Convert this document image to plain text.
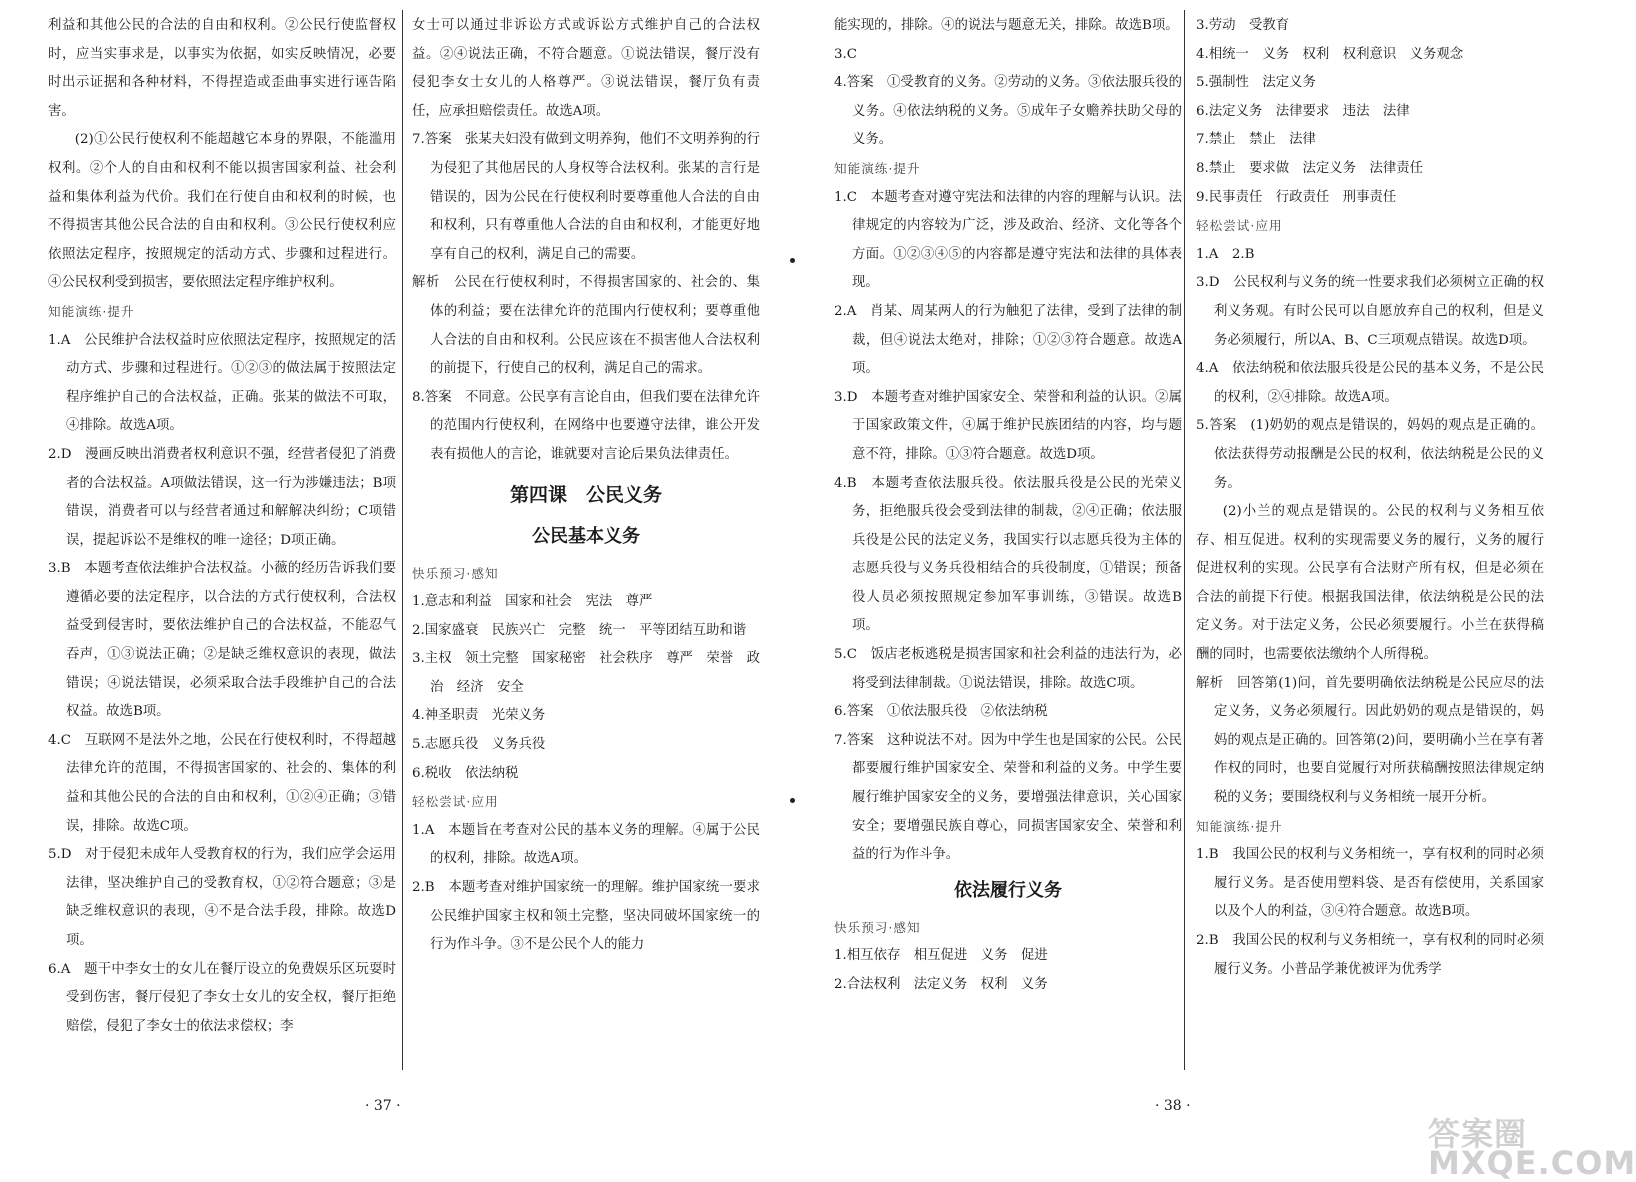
利益和其他公民的合法的自由和权利。②公民行使监督权时，应当实事求是，以事实为依据，如实反映情况，必要时出示证据和各种材料，不得捏造或歪曲事实进行诬告陷害。

(2)①公民行使权利不能超越它本身的界限，不能滥用权利。②个人的自由和权利不能以损害国家利益、社会利益和集体利益为代价。我们在行使自由和权利的时候，也不得损害其他公民合法的自由和权利。③公民行使权利应依照法定程序，按照规定的活动方式、步骤和过程进行。④公民权利受到损害，要依照法定程序维护权利。

知能演练·提升

1.A　公民维护合法权益时应依照法定程序，按照规定的活动方式、步骤和过程进行。①②③的做法属于按照法定程序维护自己的合法权益，正确。张某的做法不可取，④排除。故选A项。

2.D　漫画反映出消费者权利意识不强，经营者侵犯了消费者的合法权益。A项做法错误，这一行为涉嫌违法；B项错误，消费者可以与经营者通过和解解决纠纷；C项错误，提起诉讼不是维权的唯一途径；D项正确。

3.B　本题考查依法维护合法权益。小薇的经历告诉我们要遵循必要的法定程序，以合法的方式行使权利，合法权益受到侵害时，要依法维护自己的合法权益，不能忍气吞声，①③说法正确；②是缺乏维权意识的表现，做法错误；④说法错误，必须采取合法手段维护自己的合法权益。故选B项。

4.C　互联网不是法外之地，公民在行使权利时，不得超越法律允许的范围，不得损害国家的、社会的、集体的利益和其他公民的合法的自由和权利，①②④正确；③错误，排除。故选C项。

5.D　对于侵犯未成年人受教育权的行为，我们应学会运用法律，坚决维护自己的受教育权，①②符合题意；③是缺乏维权意识的表现，④不是合法手段，排除。故选D项。

6.A　题干中李女士的女儿在餐厅设立的免费娱乐区玩耍时受到伤害，餐厅侵犯了李女士女儿的安全权，餐厅拒绝赔偿，侵犯了李女士的依法求偿权；李

女士可以通过非诉讼方式或诉讼方式维护自己的合法权益。②④说法正确，不符合题意。①说法错误，餐厅没有侵犯李女士女儿的人格尊严。③说法错误，餐厅负有责任，应承担赔偿责任。故选A项。

7.答案　张某夫妇没有做到文明养狗，他们不文明养狗的行为侵犯了其他居民的人身权等合法权利。张某的言行是错误的，因为公民在行使权利时要尊重他人合法的自由和权利，只有尊重他人合法的自由和权利，才能更好地享有自己的权利，满足自己的需要。

解析　公民在行使权利时，不得损害国家的、社会的、集体的利益；要在法律允许的范围内行使权利；要尊重他人合法的自由和权利。公民应该在不损害他人合法权利的前提下，行使自己的权利，满足自己的需求。

8.答案　不同意。公民享有言论自由，但我们要在法律允许的范围内行使权利，在网络中也要遵守法律，谁公开发表有损他人的言论，谁就要对言论后果负法律责任。

第四课　公民义务

公民基本义务

快乐预习·感知

1.意志和利益　国家和社会　宪法　尊严

2.国家盛衰　民族兴亡　完整　统一　平等团结互助和谐

3.主权　领土完整　国家秘密　社会秩序　尊严　荣誉　政治　经济　安全

4.神圣职责　光荣义务

5.志愿兵役　义务兵役

6.税收　依法纳税

轻松尝试·应用

1.A　本题旨在考查对公民的基本义务的理解。④属于公民的权利，排除。故选A项。

2.B　本题考查对维护国家统一的理解。维护国家统一要求公民维护国家主权和领土完整，坚决同破坏国家统一的行为作斗争。③不是公民个人的能力

能实现的，排除。④的说法与题意无关，排除。故选B项。

3.C

4.答案　①受教育的义务。②劳动的义务。③依法服兵役的义务。④依法纳税的义务。⑤成年子女赡养扶助父母的义务。

知能演练·提升

1.C　本题考查对遵守宪法和法律的内容的理解与认识。法律规定的内容较为广泛，涉及政治、经济、文化等各个方面。①②③④⑤的内容都是遵守宪法和法律的具体表现。

2.A　肖某、周某两人的行为触犯了法律，受到了法律的制裁，但④说法太绝对，排除；①②③符合题意。故选A项。

3.D　本题考查对维护国家安全、荣誉和利益的认识。②属于国家政策文件，④属于维护民族团结的内容，均与题意不符，排除。①③符合题意。故选D项。

4.B　本题考查依法服兵役。依法服兵役是公民的光荣义务，拒绝服兵役会受到法律的制裁，②④正确；依法服兵役是公民的法定义务，我国实行以志愿兵役为主体的志愿兵役与义务兵役相结合的兵役制度，①错误；预备役人员必须按照规定参加军事训练，③错误。故选B项。

5.C　饭店老板逃税是损害国家和社会利益的违法行为，必将受到法律制裁。①说法错误，排除。故选C项。

6.答案　①依法服兵役　②依法纳税

7.答案　这种说法不对。因为中学生也是国家的公民。公民都要履行维护国家安全、荣誉和利益的义务。中学生要履行维护国家安全的义务，要增强法律意识，关心国家安全；要增强民族自尊心，同损害国家安全、荣誉和利益的行为作斗争。

依法履行义务

快乐预习·感知

1.相互依存　相互促进　义务　促进

2.合法权利　法定义务　权利　义务

3.劳动　受教育

4.相统一　义务　权利　权利意识　义务观念

5.强制性　法定义务

6.法定义务　法律要求　违法　法律

7.禁止　禁止　法律

8.禁止　要求做　法定义务　法律责任

9.民事责任　行政责任　刑事责任

轻松尝试·应用

1.A　2.B

3.D　公民权利与义务的统一性要求我们必须树立正确的权利义务观。有时公民可以自愿放弃自己的权利，但是义务必须履行，所以A、B、C三项观点错误。故选D项。

4.A　依法纳税和依法服兵役是公民的基本义务，不是公民的权利，②④排除。故选A项。

5.答案　(1)奶奶的观点是错误的，妈妈的观点是正确的。依法获得劳动报酬是公民的权利，依法纳税是公民的义务。

(2)小兰的观点是错误的。公民的权利与义务相互依存、相互促进。权利的实现需要义务的履行，义务的履行促进权利的实现。公民享有合法财产所有权，但是必须在合法的前提下行使。根据我国法律，依法纳税是公民的法定义务。对于法定义务，公民必须要履行。小兰在获得稿酬的同时，也需要依法缴纳个人所得税。

解析　回答第(1)问，首先要明确依法纳税是公民应尽的法定义务，义务必须履行。因此奶奶的观点是错误的，妈妈的观点是正确的。回答第(2)问，要明确小兰在享有著作权的同时，也要自觉履行对所获稿酬按照法律规定纳税的义务；要围绕权利与义务相统一展开分析。

知能演练·提升

1.B　我国公民的权利与义务相统一，享有权利的同时必须履行义务。是否使用塑料袋、是否有偿使用，关系国家以及个人的利益，③④符合题意。故选B项。

2.B　我国公民的权利与义务相统一，享有权利的同时必须履行义务。小普品学兼优被评为优秀学

· 37 ·	· 38 ·
答案圈 MXQE.COM
